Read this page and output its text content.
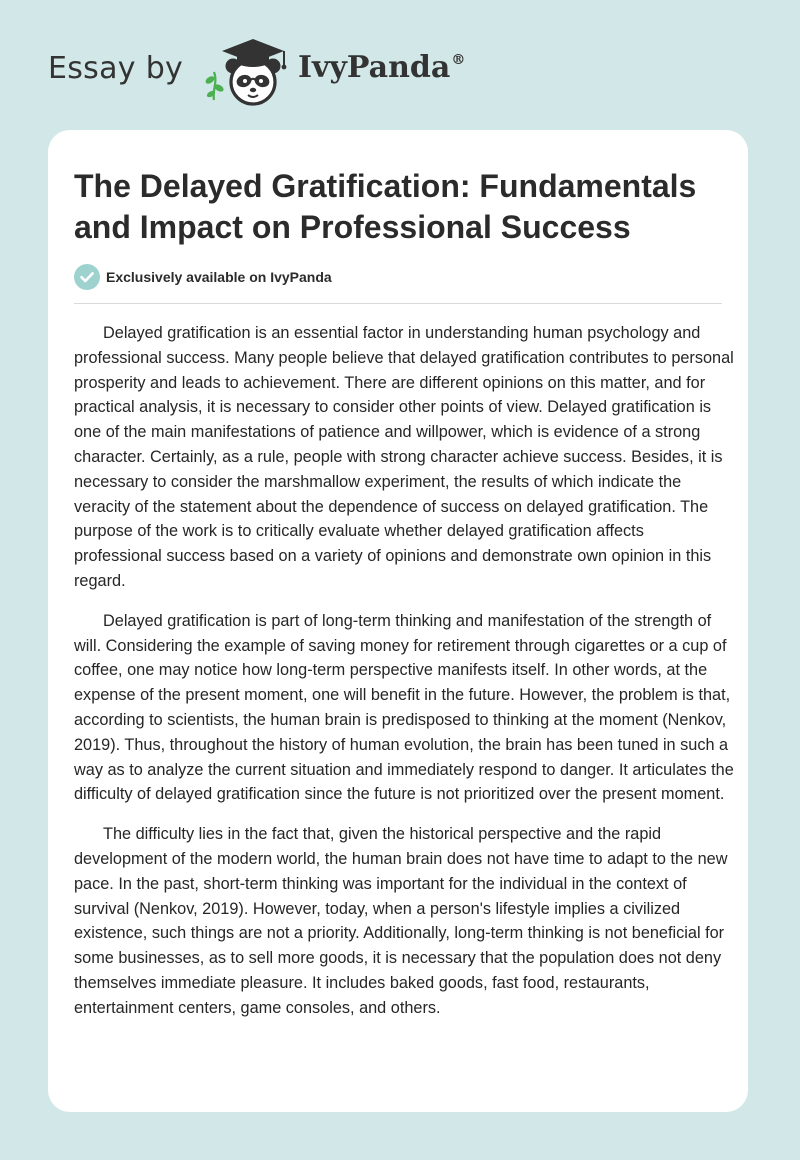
Essay by	IvyPanda®
The Delayed Gratification: Fundamentals and Impact on Professional Success
Exclusively available on IvyPanda

Delayed gratification is an essential factor in understanding human psychology and professional success. Many people believe that delayed gratification contributes to personal prosperity and leads to achievement. There are different opinions on this matter, and for practical analysis, it is necessary to consider other points of view. Delayed gratification is one of the main manifestations of patience and willpower, which is evidence of a strong character. Certainly, as a rule, people with strong character achieve success. Besides, it is necessary to consider the marshmallow experiment, the results of which indicate the veracity of the statement about the dependence of success on delayed gratification. The purpose of the work is to critically evaluate whether delayed gratification affects professional success based on a variety of opinions and demonstrate own opinion in this regard.

Delayed gratification is part of long-term thinking and manifestation of the strength of will. Considering the example of saving money for retirement through cigarettes or a cup of coffee, one may notice how long-term perspective manifests itself. In other words, at the expense of the present moment, one will benefit in the future. However, the problem is that, according to scientists, the human brain is predisposed to thinking at the moment (Nenkov, 2019). Thus, throughout the history of human evolution, the brain has been tuned in such a way as to analyze the current situation and immediately respond to danger. It articulates the difficulty of delayed gratification since the future is not prioritized over the present moment.

The difficulty lies in the fact that, given the historical perspective and the rapid development of the modern world, the human brain does not have time to adapt to the new pace. In the past, short-term thinking was important for the individual in the context of survival (Nenkov, 2019). However, today, when a person's lifestyle implies a civilized existence, such things are not a priority. Additionally, long-term thinking is not beneficial for some businesses, as to sell more goods, it is necessary that the population does not deny themselves immediate pleasure. It includes baked goods, fast food, restaurants, entertainment centers, game consoles, and others.
